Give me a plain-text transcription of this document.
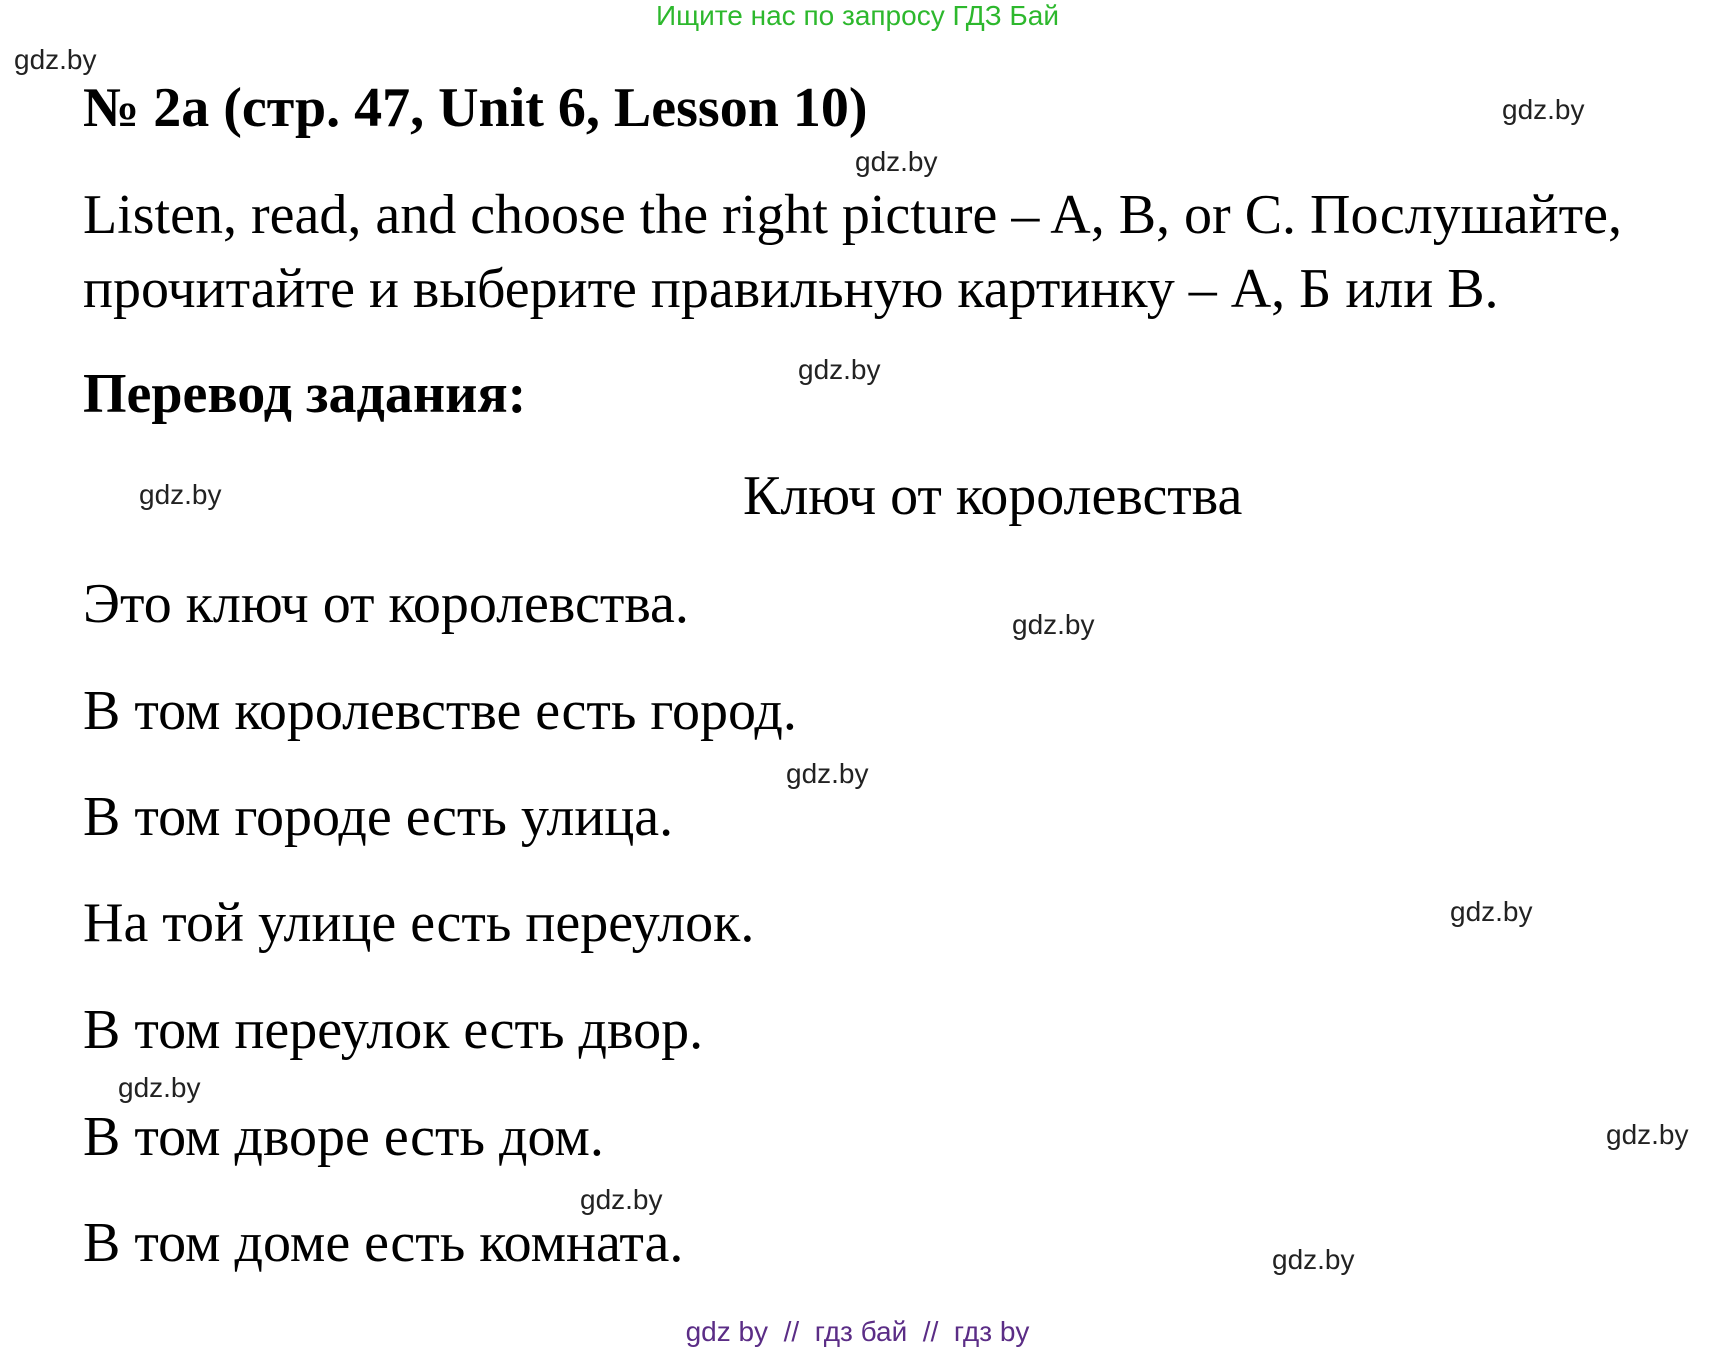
Ищите нас по запросу ГДЗ Бай
gdz.by
gdz.by
gdz.by
gdz.by
gdz.by
gdz.by
gdz.by
gdz.by
gdz.by
gdz.by
gdz.by
gdz.by
№ 2a (стр. 47, Unit 6, Lesson 10)
Listen, read, and choose the right picture – A, B, or C. Послушайте,
прочитайте и выберите правильную картинку – А, Б или В.
Перевод задания:
Ключ от королевства
Это ключ от королевства.
В том королевстве есть город.
В том городе есть улица.
На той улице есть переулок.
В том переулок есть двор.
В том дворе есть дом.
В том доме есть комната.
gdz by  //  гдз бай  //  гдз by
